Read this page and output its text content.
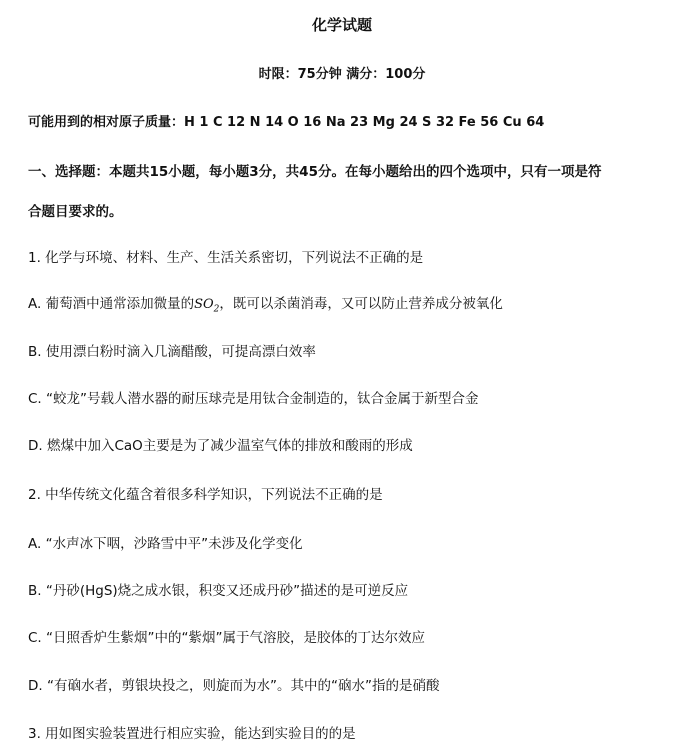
化学试题
时限：75分钟 满分：100分
可能用到的相对原子质量：H 1 C 12 N 14 O 16 Na 23 Mg 24 S 32 Fe 56 Cu 64
一、选择题：本题共15小题，每小题3分，共45分。在每小题给出的四个选项中，只有一项是符
合题目要求的。
1. 化学与环境、材料、生产、生活关系密切，下列说法不正确的是
A. 葡萄酒中通常添加微量的$SO_2$，既可以杀菌消毒，又可以防止营养成分被氧化
B. 使用漂白粉时滴入几滴醋酸，可提高漂白效率
C. “蛟龙”号载人潜水器的耐压球壳是用钛合金制造的，钛合金属于新型合金
D. 燃煤中加入CaO主要是为了减少温室气体的排放和酸雨的形成
2. 中华传统文化蕴含着很多科学知识，下列说法不正确的是
A. “水声冰下咽，沙路雪中平”未涉及化学变化
B. “丹砂(HgS)烧之成水银，积变又还成丹砂”描述的是可逆反应
C. “日照香炉生紫烟”中的“紫烟”属于气溶胶，是胶体的丁达尔效应
D. “有硇水者，剪银块投之，则旋而为水”。其中的“硇水”指的是硝酸
3. 用如图实验装置进行相应实验，能达到实验目的的是
